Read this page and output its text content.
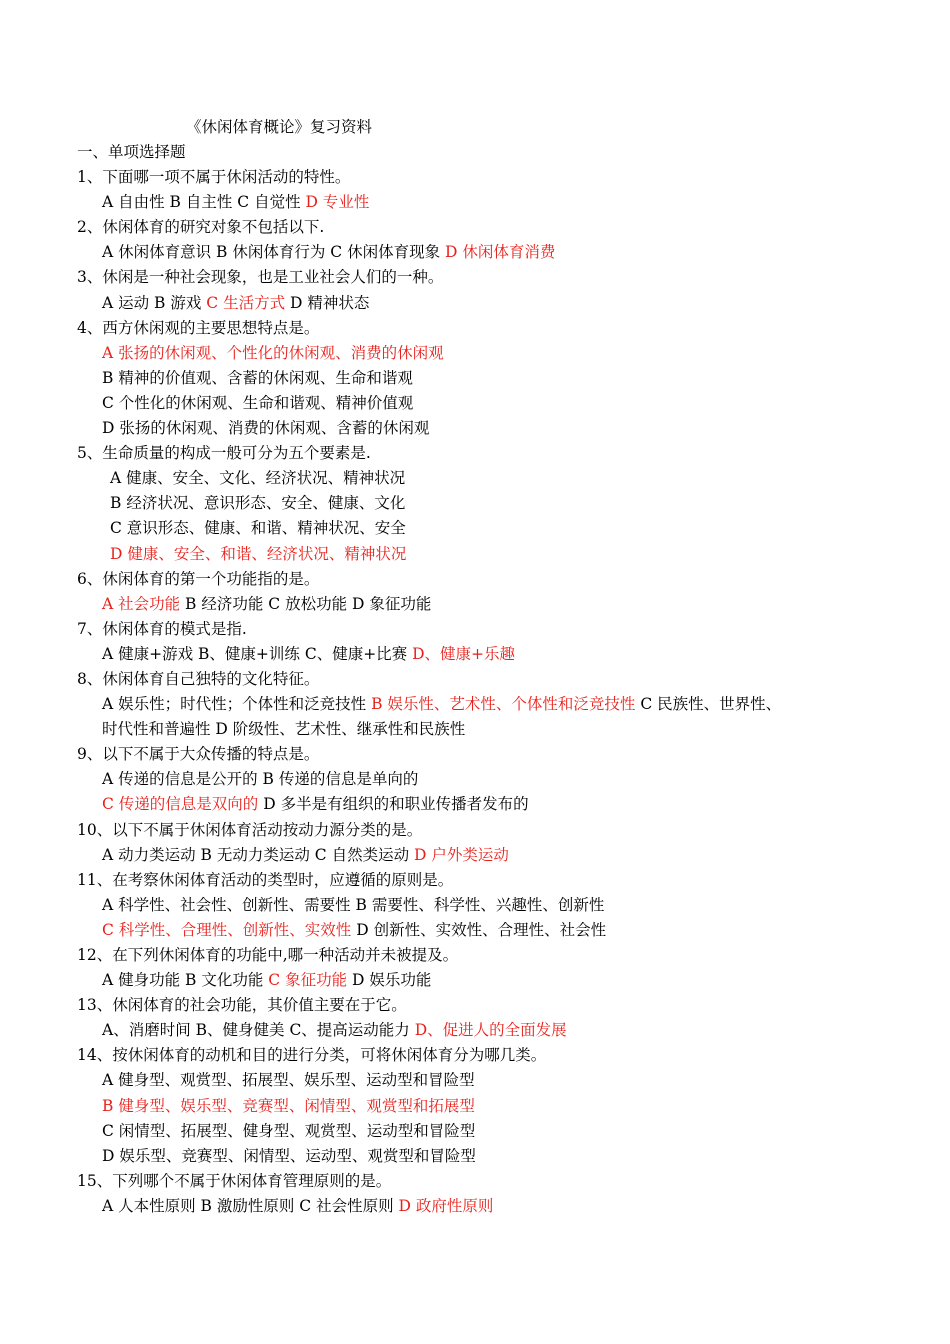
《休闲体育概论》复习资料
一、单项选择题
1、下面哪一项不属于休闲活动的特性。
A 自由性 B 自主性 C 自觉性 D 专业性
2、休闲体育的研究对象不包括以下.
A 休闲体育意识 B 休闲体育行为 C 休闲体育现象 D 休闲体育消费
3、休闲是一种社会现象，也是工业社会人们的一种。
A 运动 B 游戏 C 生活方式 D 精神状态
4、西方休闲观的主要思想特点是。
A 张扬的休闲观、个性化的休闲观、消费的休闲观
B 精神的价值观、含蓄的休闲观、生命和谐观
C 个性化的休闲观、生命和谐观、精神价值观
D 张扬的休闲观、消费的休闲观、含蓄的休闲观
5、生命质量的构成一般可分为五个要素是.
A 健康、安全、文化、经济状况、精神状况
B 经济状况、意识形态、安全、健康、文化
C 意识形态、健康、和谐、精神状况、安全
D 健康、安全、和谐、经济状况、精神状况
6、休闲体育的第一个功能指的是。
A 社会功能 B 经济功能 C 放松功能 D 象征功能
7、休闲体育的模式是指.
A 健康+游戏 B、健康+训练 C、健康+比赛 D、健康+乐趣
8、休闲体育自己独特的文化特征。
A 娱乐性；时代性；个体性和泛竞技性 B 娱乐性、艺术性、个体性和泛竞技性 C 民族性、世界性、
时代性和普遍性 D 阶级性、艺术性、继承性和民族性
9、以下不属于大众传播的特点是。
A 传递的信息是公开的 B 传递的信息是单向的
C 传递的信息是双向的 D 多半是有组织的和职业传播者发布的
10、以下不属于休闲体育活动按动力源分类的是。
A 动力类运动 B 无动力类运动 C 自然类运动 D 户外类运动
11、在考察休闲体育活动的类型时，应遵循的原则是。
A 科学性、社会性、创新性、需要性 B 需要性、科学性、兴趣性、创新性
C 科学性、合理性、创新性、实效性 D 创新性、实效性、合理性、社会性
12、在下列休闲体育的功能中,哪一种活动并未被提及。
A 健身功能 B 文化功能 C 象征功能 D 娱乐功能
13、休闲体育的社会功能，其价值主要在于它。
A、消磨时间 B、健身健美 C、提高运动能力 D、促进人的全面发展
14、按休闲体育的动机和目的进行分类，可将休闲体育分为哪几类。
A 健身型、观赏型、拓展型、娱乐型、运动型和冒险型
B 健身型、娱乐型、竞赛型、闲情型、观赏型和拓展型
C 闲情型、拓展型、健身型、观赏型、运动型和冒险型
D 娱乐型、竞赛型、闲情型、运动型、观赏型和冒险型
15、下列哪个不属于休闲体育管理原则的是。
A 人本性原则 B 激励性原则 C 社会性原则 D 政府性原则
